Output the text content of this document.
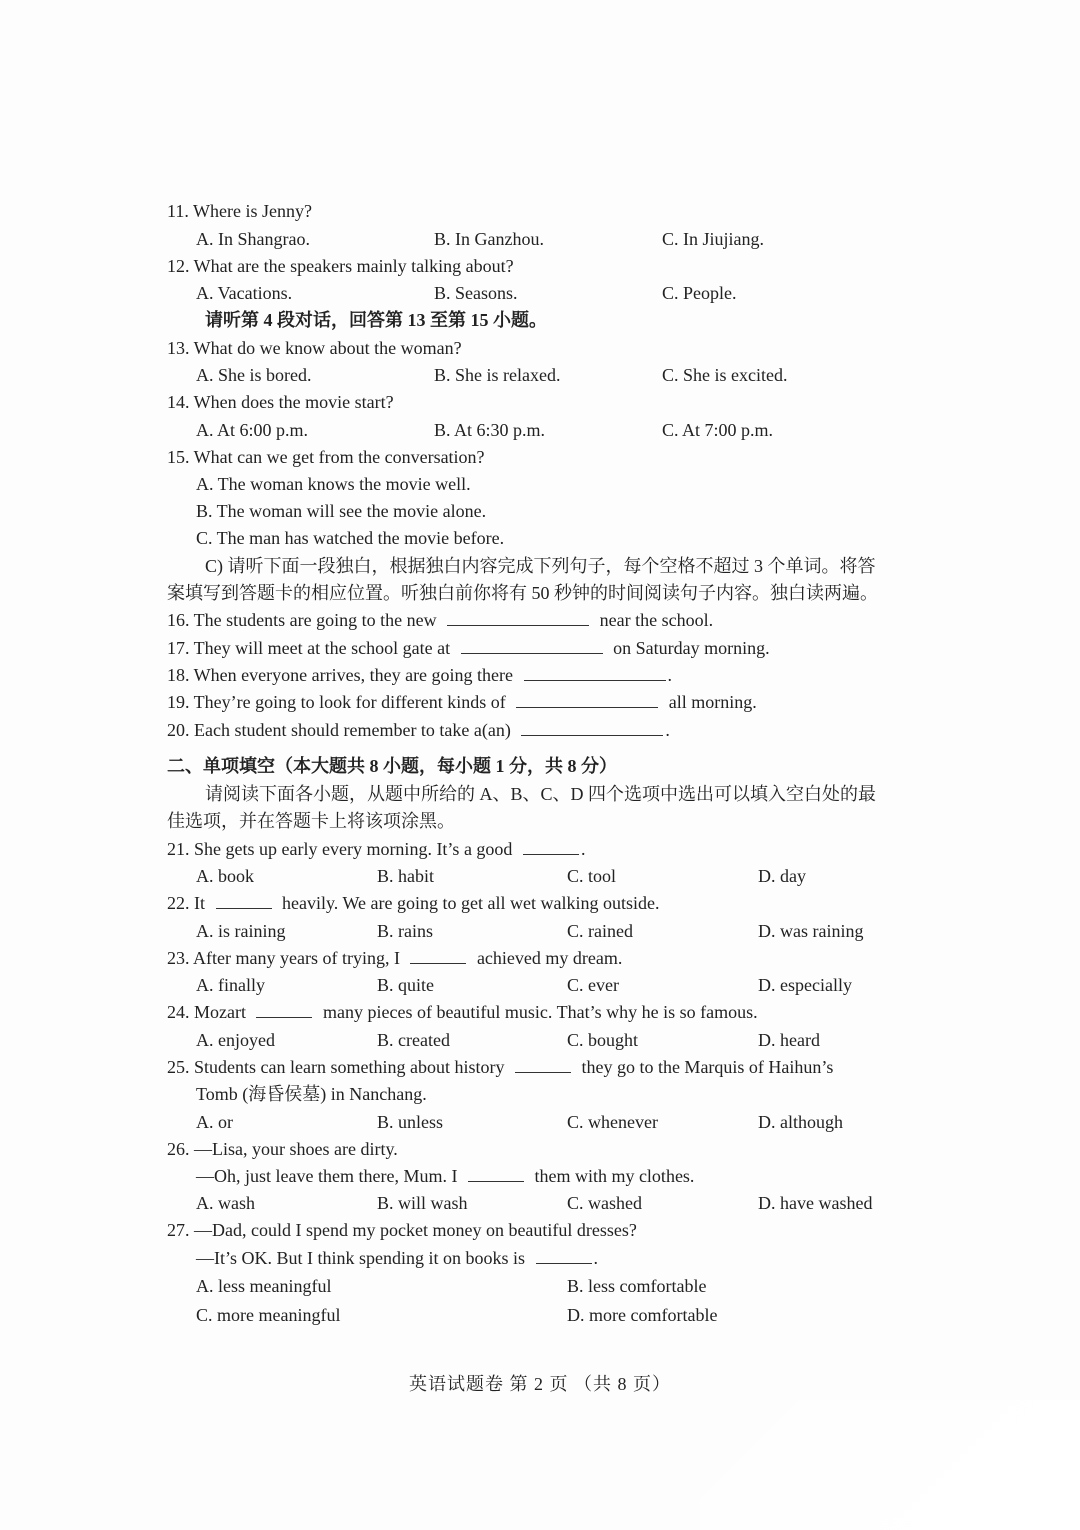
11. Where is Jenny?
A. In Shangrao.	B. In Ganzhou.	C. In Jiujiang.
12. What are the speakers mainly talking about?
A. Vacations.	B. Seasons.	C. People.
请听第 4 段对话，回答第 13 至第 15 小题。
13. What do we know about the woman?
A. She is bored.	B. She is relaxed.	C. She is excited.
14. When does the movie start?
A. At 6:00 p.m.	B. At 6:30 p.m.	C. At 7:00 p.m.
15. What can we get from the conversation?
A. The woman knows the movie well.
B. The woman will see the movie alone.
C. The man has watched the movie before.
C) 请听下面一段独白，根据独白内容完成下列句子，每个空格不超过 3 个单词。将答
案填写到答题卡的相应位置。听独白前你将有 50 秒钟的时间阅读句子内容。独白读两遍。
16. The students are going to the new	near the school.
17. They will meet at the school gate at	on Saturday morning.
18. When everyone arrives, they are going there	.
19. They’re going to look for different kinds of	all morning.
20. Each student should remember to take a(an)	.
二、单项填空（本大题共 8 小题，每小题 1 分，共 8 分）
请阅读下面各小题，从题中所给的 A、B、C、D 四个选项中选出可以填入空白处的最
佳选项，并在答题卡上将该项涂黑。
21. She gets up early every morning. It’s a good	.
A. book	B. habit	C. tool	D. day
22. It	heavily. We are going to get all wet walking outside.
A. is raining	B. rains	C. rained	D. was raining
23. After many years of trying, I	achieved my dream.
A. finally	B. quite	C. ever	D. especially
24. Mozart	many pieces of beautiful music. That’s why he is so famous.
A. enjoyed	B. created	C. bought	D. heard
25. Students can learn something about history	they go to the Marquis of Haihun’s
Tomb (海昏侯墓) in Nanchang.
A. or	B. unless	C. whenever	D. although
26. —Lisa, your shoes are dirty.
—Oh, just leave them there, Mum. I	them with my clothes.
A. wash	B. will wash	C. washed	D. have washed
27. —Dad, could I spend my pocket money on beautiful dresses?
—It’s OK. But I think spending it on books is	.
A. less meaningful	B. less comfortable
C. more meaningful	D. more comfortable
英语试题卷 第 2 页 （共 8 页）
